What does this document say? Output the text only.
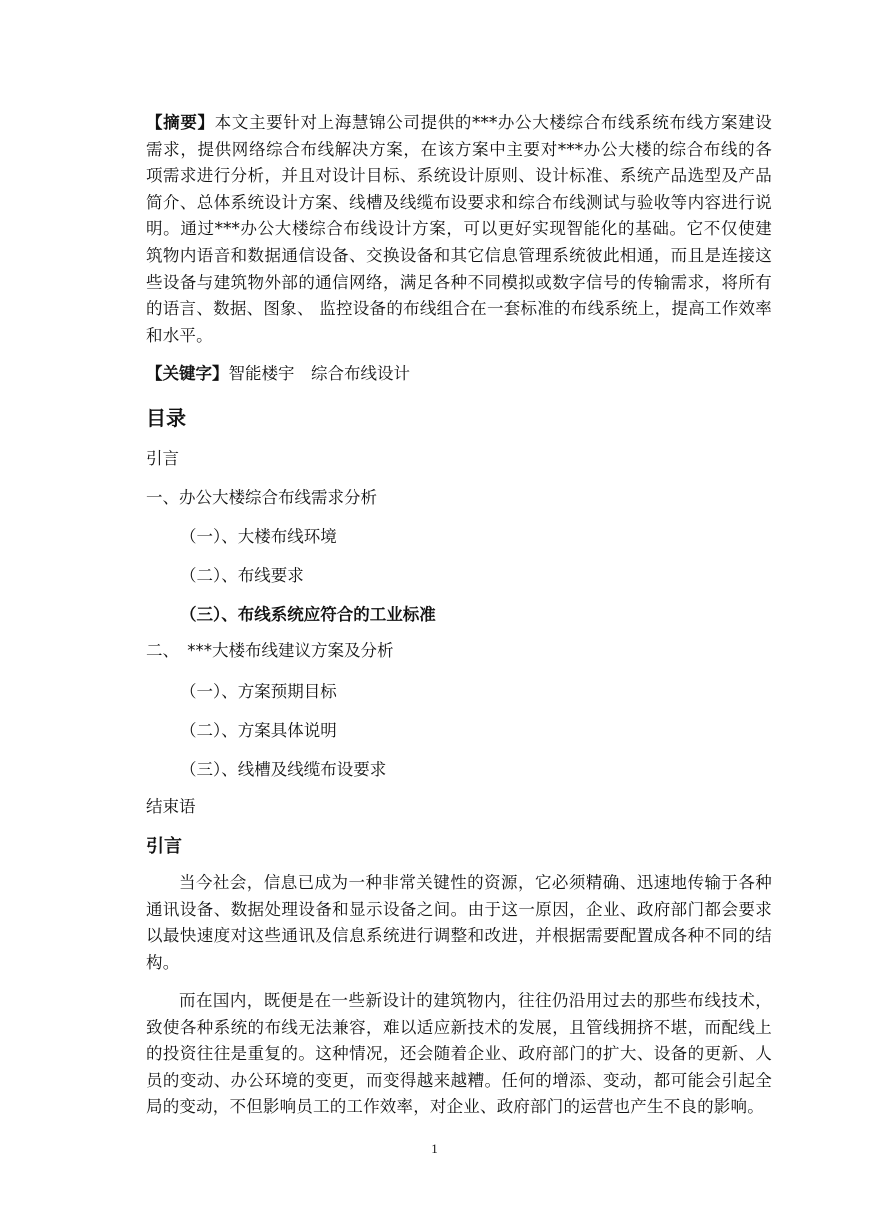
【摘要】本文主要针对上海慧锦公司提供的***办公大楼综合布线系统布线方案建设需求，提供网络综合布线解决方案，在该方案中主要对***办公大楼的综合布线的各项需求进行分析，并且对设计目标、系统设计原则、设计标准、系统产品选型及产品简介、总体系统设计方案、线槽及线缆布设要求和综合布线测试与验收等内容进行说明。通过***办公大楼综合布线设计方案，可以更好实现智能化的基础。它不仅使建筑物内语音和数据通信设备、交换设备和其它信息管理系统彼此相通，而且是连接这些设备与建筑物外部的通信网络，满足各种不同模拟或数字信号的传输需求，将所有的语言、数据、图象、 监控设备的布线组合在一套标准的布线系统上，提高工作效率和水平。
【关键字】智能楼宇　综合布线设计
目录
引言
一、办公大楼综合布线需求分析
（一）、大楼布线环境
（二）、布线要求
（三）、布线系统应符合的工业标准
二、　***大楼布线建议方案及分析
（一）、方案预期目标
（二）、方案具体说明
（三）、线槽及线缆布设要求
结束语
引言
当今社会，信息已成为一种非常关键性的资源，它必须精确、迅速地传输于各种通讯设备、数据处理设备和显示设备之间。由于这一原因，企业、政府部门都会要求以最快速度对这些通讯及信息系统进行调整和改进，并根据需要配置成各种不同的结构。
而在国内，既便是在一些新设计的建筑物内，往往仍沿用过去的那些布线技术，致使各种系统的布线无法兼容，难以适应新技术的发展，且管线拥挤不堪，而配线上的投资往往是重复的。这种情况，还会随着企业、政府部门的扩大、设备的更新、人员的变动、办公环境的变更，而变得越来越糟。任何的增添、变动，都可能会引起全局的变动，不但影响员工的工作效率，对企业、政府部门的运营也产生不良的影响。
1
